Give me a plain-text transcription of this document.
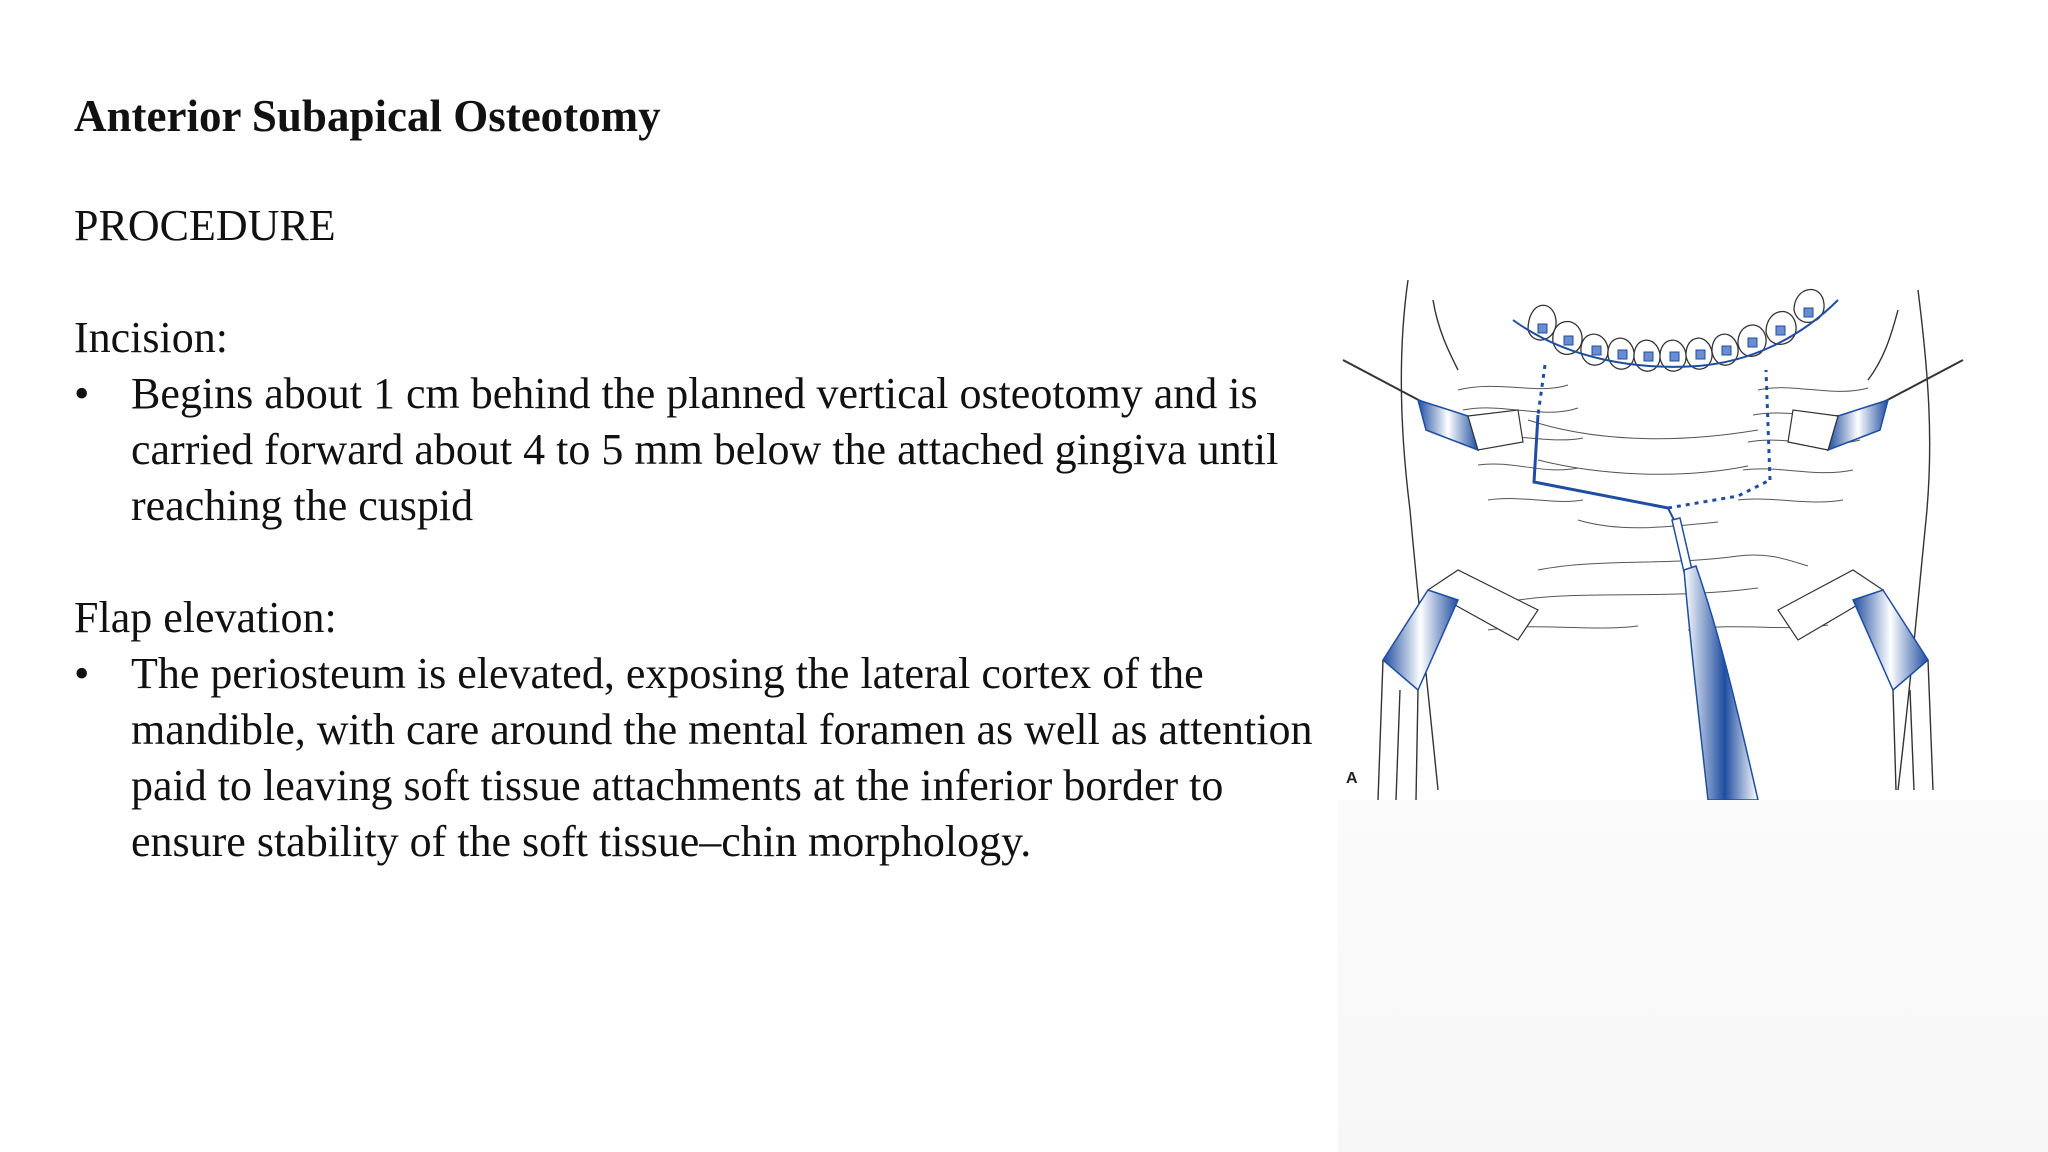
Anterior Subapical Osteotomy
PROCEDURE
Incision:
• Begins about 1 cm behind the planned vertical osteotomy and is carried forward about 4 to 5 mm below the attached gingiva until reaching the cuspid
Flap elevation:
• The periosteum is elevated, exposing the lateral cortex of the mandible, with care around the mental foramen as well as attention paid to leaving soft tissue attachments at the inferior border to ensure stability of the soft tissue–chin morphology.
A
